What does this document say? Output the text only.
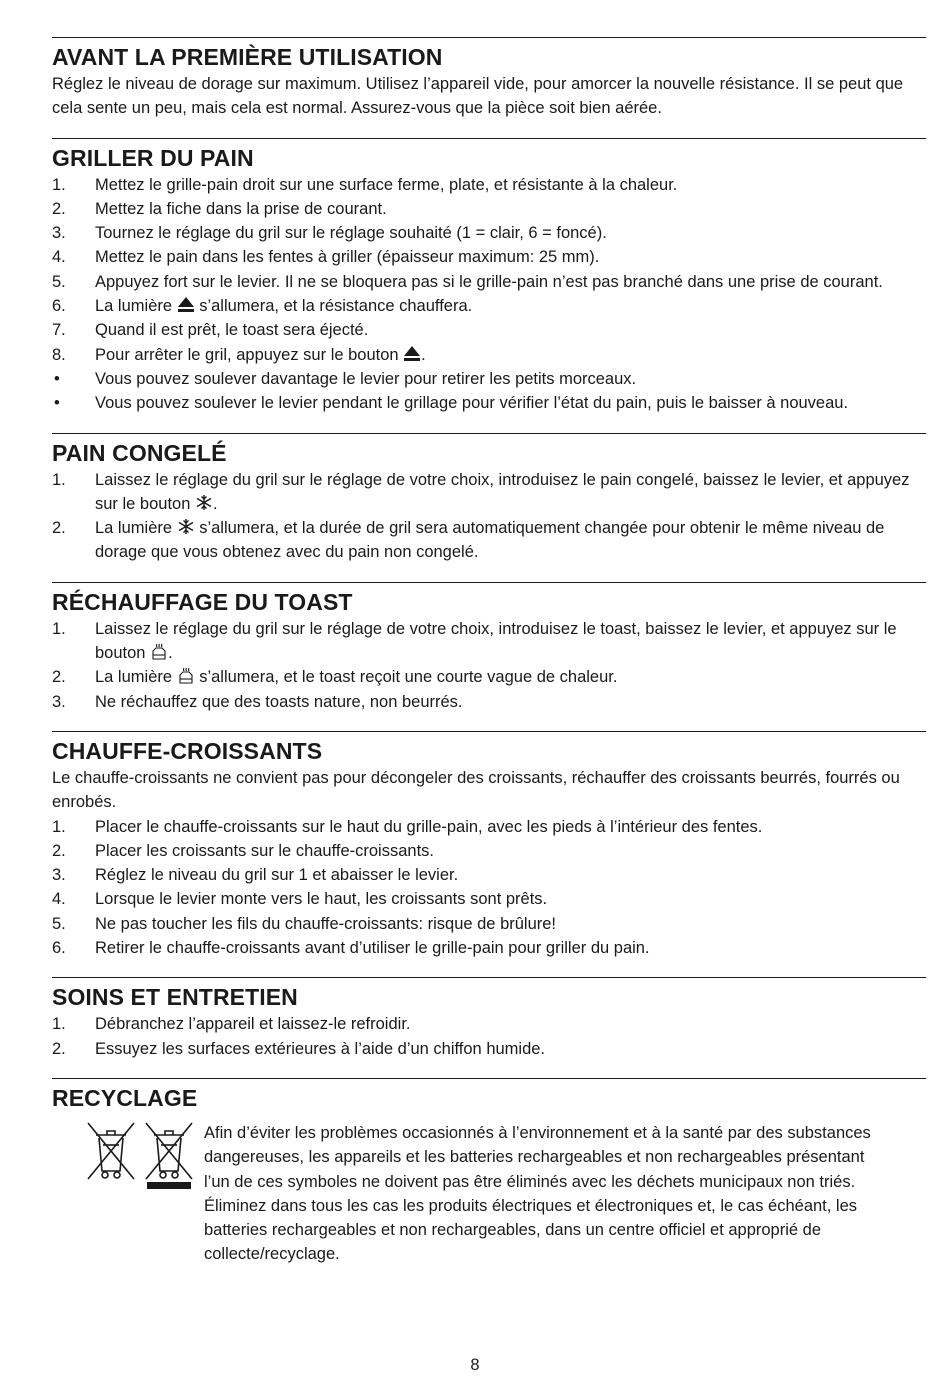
AVANT LA PREMIÈRE UTILISATION

Réglez le niveau de dorage sur maximum. Utilisez l’appareil vide, pour amorcer la nouvelle résistance. Il se peut que cela sente un peu, mais cela est normal. Assurez-vous que la pièce soit bien aérée.

GRILLER DU PAIN
1. Mettez le grille-pain droit sur une surface ferme, plate, et résistante à la chaleur.
2. Mettez la fiche dans la prise de courant.
3. Tournez le réglage du gril sur le réglage souhaité (1 = clair, 6 = foncé).
4. Mettez le pain dans les fentes à griller (épaisseur maximum: 25 mm).
5. Appuyez fort sur le levier. Il ne se bloquera pas si le grille-pain n’est pas branché dans une prise de courant.
6. La lumière  s’allumera, et la résistance chauffera.
7. Quand il est prêt, le toast sera éjecté.
8. Pour arrêter le gril, appuyez sur le bouton .
• Vous pouvez soulever davantage le levier pour retirer les petits morceaux.
• Vous pouvez soulever le levier pendant le grillage pour vérifier l’état du pain, puis le baisser à nouveau.
PAIN CONGELÉ
1. Laissez le réglage du gril sur le réglage de votre choix, introduisez le pain congelé, baissez le levier, et appuyez sur le bouton .
2. La lumière  s’allumera, et la durée de gril sera automatiquement changée pour obtenir le même niveau de dorage que vous obtenez avec du pain non congelé.
RÉCHAUFFAGE DU TOAST
1. Laissez le réglage du gril sur le réglage de votre choix, introduisez le toast, baissez le levier, et appuyez sur le bouton .
2. La lumière  s’allumera, et le toast reçoit une courte vague de chaleur.
3. Ne réchauffez que des toasts nature, non beurrés.
CHAUFFE-CROISSANTS

Le chauffe-croissants ne convient pas pour décongeler des croissants, réchauffer des croissants beurrés, fourrés ou enrobés.

1. Placer le chauffe-croissants sur le haut du grille-pain, avec les pieds à l’intérieur des fentes.
2. Placer les croissants sur le chauffe-croissants.
3. Réglez le niveau du gril sur 1 et abaisser le levier.
4. Lorsque le levier monte vers le haut, les croissants sont prêts.
5. Ne pas toucher les fils du chauffe-croissants: risque de brûlure!
6. Retirer le chauffe-croissants avant d’utiliser le grille-pain pour griller du pain.
SOINS ET ENTRETIEN
1. Débranchez l’appareil et laissez-le refroidir.
2. Essuyez les surfaces extérieures à l’aide d’un chiffon humide.
RECYCLAGE

Afin d’éviter les problèmes occasionnés à l’environnement et à la santé par des substances dangereuses, les appareils et les batteries rechargeables et non rechargeables présentant l’un de ces symboles ne doivent pas être éliminés avec les déchets municipaux non triés. Éliminez dans tous les cas les produits électriques et électroniques et, le cas échéant, les batteries rechargeables et non rechargeables, dans un centre officiel et approprié de collecte/recyclage.

8
